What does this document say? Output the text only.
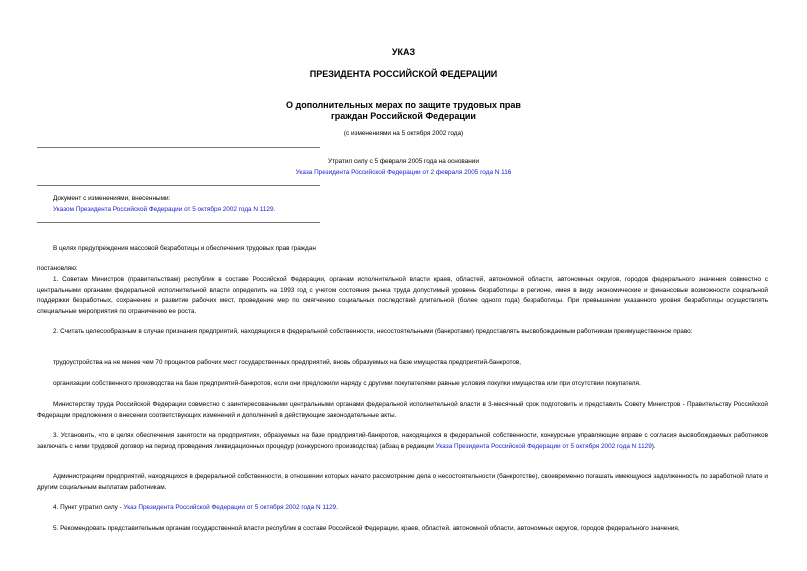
УКАЗ
ПРЕЗИДЕНТА РОССИЙСКОЙ ФЕДЕРАЦИИ
О дополнительных мерах по защите трудовых прав
граждан Российской Федерации
(с изменениями на 5 октября 2002 года)
Утратил силу с 5 февраля 2005 года на основании
Указа Президента Российской Федерации от 2 февраля 2005 года N 116
Документ с изменениями, внесенными:
Указом Президента Российской Федерации от 5 октября 2002 года N 1129.
В целях предупреждения массовой безработицы и обеспечения трудовых прав граждан
постановляю:
1. Советам Министров (правительствам) республик в составе Российской Федерации, органам исполнительной власти краев, областей, автономной области, автономных округов, городов федерального значения совместно с центральными органами федеральной исполнительной власти определить на 1993 год с учетом состояния рынка труда допустимый уровень безработицы в регионе, имея в виду экономические и финансовые возможности социальной поддержки безработных, сохранение и развитие рабочих мест, проведение мер по смягчению социальных последствий длительной (более одного года) безработицы. При превышении указанного уровня безработицы осуществлять специальные мероприятия по ограничению ее роста.
2. Считать целесообразным в случае признания предприятий, находящихся в федеральной собственности, несостоятельными (банкротами) предоставлять высвобождаемым работникам преимущественное право:
трудоустройства на не менее чем 70 процентов рабочих мест государственных предприятий, вновь образуемых на базе имущества предприятий-банкротов,
организации собственного производства на базе предприятий-банкротов, если они предложили наряду с другими покупателями равные условия покупки имущества или при отсутствии покупателя.
Министерству труда Российской Федерации совместно с заинтересованными центральными органами федеральной исполнительной власти в 3-месячный срок подготовить и представить Совету Министров - Правительству Российской Федерации предложения о внесении соответствующих изменений и дополнений в действующие законодательные акты.
3. Установить, что в целях обеспечения занятости на предприятиях, образуемых на базе предприятий-банкротов, находящихся в федеральной собственности, конкурсные управляющие вправе с согласия высвобождаемых работников заключать с ними трудовой договор на период проведения ликвидационных процедур (конкурсного производства) (абзац в редакции Указа Президента Российской Федерации от 5 октября 2002 года N 1129).
Администрациям предприятий, находящихся в федеральной собственности, в отношении которых начато рассмотрение дела о несостоятельности (банкротстве), своевременно погашать имеющуюся задолженность по заработной плате и другим социальным выплатам работникам.
4. Пункт утратил силу - Указ Президента Российской Федерации от 5 октября 2002 года N 1129.
5. Рекомендовать представительным органам государственной власти республик в составе Российской Федерации, краев, областей, автономной области, автономных округов, городов федерального значения,
